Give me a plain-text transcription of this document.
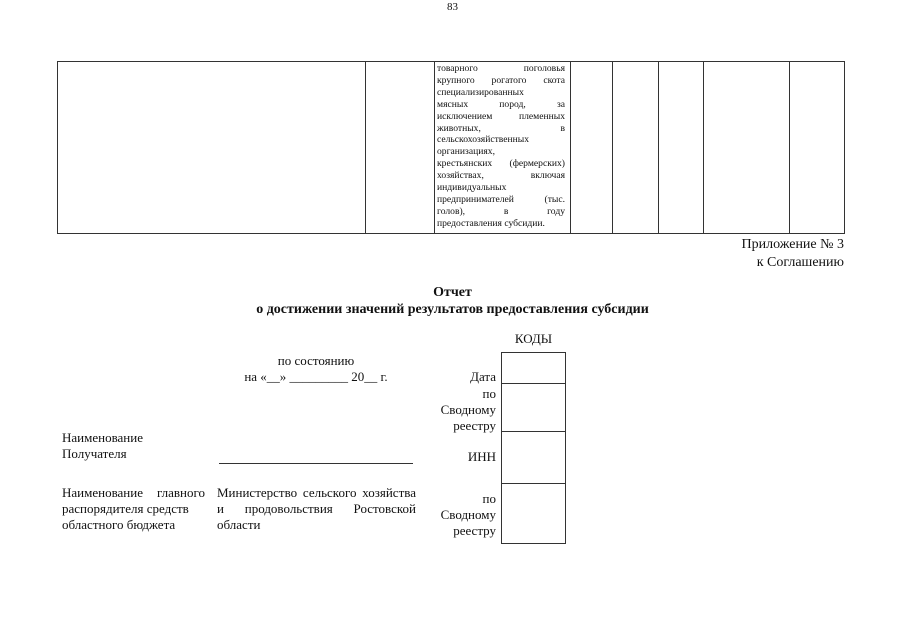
83
товарного поголовья
крупного рогатого скота
специализированных
мясных пород, за
исключением племенных
животных, в
сельскохозяйственных
организациях,
крестьянских (фермерских)
хозяйствах, включая
индивидуальных
предпринимателей (тыс.
голов), в году
предоставления субсидии.
Приложение № 3
к Соглашению
Отчет
о достижении значений результатов предоставления субсидии
КОДЫ
по состоянию
на «__» _________ 20__ г.	Дата
по
Сводному
реестру
ИНН
по
Сводному
реестру
Наименование
Получателя
Наименование главного
распорядителя средств
областного бюджета
Министерство сельского хозяйства
и продовольствия Ростовской
области
